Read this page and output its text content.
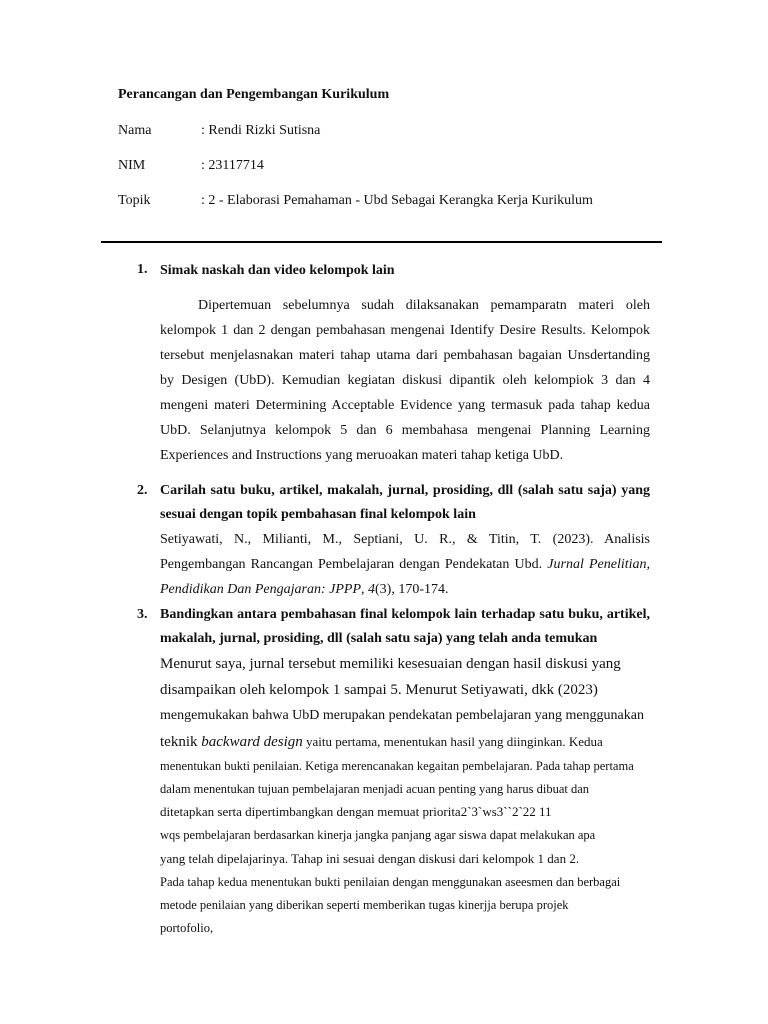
Perancangan dan Pengembangan Kurikulum
Nama	: Rendi Rizki Sutisna
NIM	: 23117714
Topik	: 2 - Elaborasi Pemahaman - Ubd Sebagai Kerangka Kerja Kurikulum
1. Simak naskah dan video kelompok lain

Dipertemuan sebelumnya sudah dilaksanakan pemamparatn materi oleh kelompok 1 dan 2 dengan pembahasan mengenai Identify Desire Results. Kelompok tersebut menjelasnakan materi tahap utama dari pembahasan bagaian Unsdertanding by Desigen (UbD). Kemudian kegiatan diskusi dipantik oleh kelompiok 3 dan 4 mengeni materi Determining Acceptable Evidence yang termasuk pada tahap kedua UbD. Selanjutnya kelompok 5 dan 6 membahasa mengenai Planning Learning Experiences and Instructions yang meruoakan materi tahap ketiga UbD.

2. Carilah satu buku, artikel, makalah, jurnal, prosiding, dll (salah satu saja) yang sesuai dengan topik pembahasan final kelompok lain

Setiyawati, N., Milianti, M., Septiani, U. R., & Titin, T. (2023). Analisis Pengembangan Rancangan Pembelajaran dengan Pendekatan Ubd. Jurnal Penelitian, Pendidikan Dan Pengajaran: JPPP, 4(3), 170-174.

3. Bandingkan antara pembahasan final kelompok lain terhadap satu buku, artikel, makalah, jurnal, prosiding, dll (salah satu saja) yang telah anda temukan
Menurut saya, jurnal tersebut memiliki kesesuaian dengan hasil diskusi yang
disampaikan oleh kelompok 1 sampai 5. Menurut Setiyawati, dkk (2023)
mengemukakan bahwa UbD merupakan pendekatan pembelajaran yang menggunakan
teknik backward design yaitu pertama, menentukan hasil yang diinginkan. Kedua
menentukan bukti penilaian. Ketiga merencanakan kegaitan pembelajaran. Pada tahap pertama
dalam menentukan tujuan pembelajaran menjadi acuan penting yang harus dibuat dan
ditetapkan serta dipertimbangkan dengan memuat priorita2`3`ws3``2`22 11
wqs pembelajaran berdasarkan kinerja jangka panjang agar siswa dapat melakukan apa
yang telah dipelajarinya. Tahap ini sesuai dengan diskusi dari kelompok 1 dan 2.
Pada tahap kedua menentukan bukti penilaian dengan menggunakan aseesmen dan berbagai
metode penilaian yang diberikan seperti memberikan tugas kinerjja berupa projek
portofolio,
